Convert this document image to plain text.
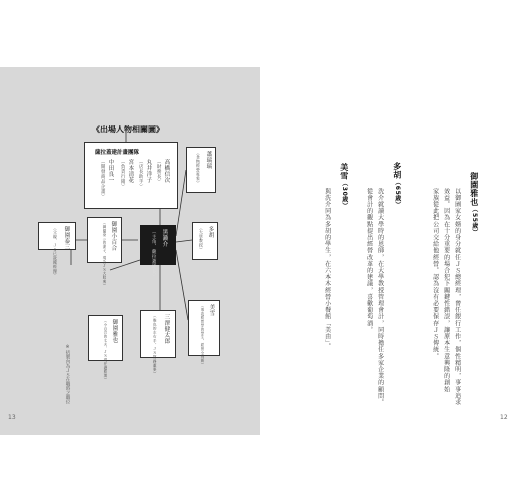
《出場人物相關圖》
薩拉蓋建計畫團隊
高橋信次
（財務長）
丸井洋子
（店長助手）
宮本清花
（負責行銷）
中田良一
（開發商品企畫）
黑瀨介
（主角、薩拉蓋建長）
御園泰三
（父親、ＪＳ已故總經理）	御園小百合
（御園泰三的妻子，現為ＪＳ大股東）
御園雅也
（小百合的丈夫，ＪＳ現任總經理）	三澤健太郎
（雅也的左右手，ＪＳ財務董事）
蕭瑞瑞
（食物經營專家）
多胡
（大學教授）
美雪
（專攻經營學的學生，經營小餐館）
※括號內為ＪＳ在職時之職位
13	12
御園雅也（55歲）
以御園家女婿的身分就任ＪＳ總經理，曾任銀行工作，個性精明，事事追求
效益。因為在十分重要的場合犯下關鍵性錯誤，讓原本生意興隆的創始
家族從此把公司交給他經營。認為沒有必要保存ＪＳ傳統。
多胡（65歲）
洗介就讀大學時的恩師，在大學教授管理會計，同時擔任多家企業的顧問。
從會計的觀點提出經營改革的建議，喜歡葡萄酒。
美雪（30歲）
與洗介同為多胡的學生，在六本木經營小餐館「美由」。
